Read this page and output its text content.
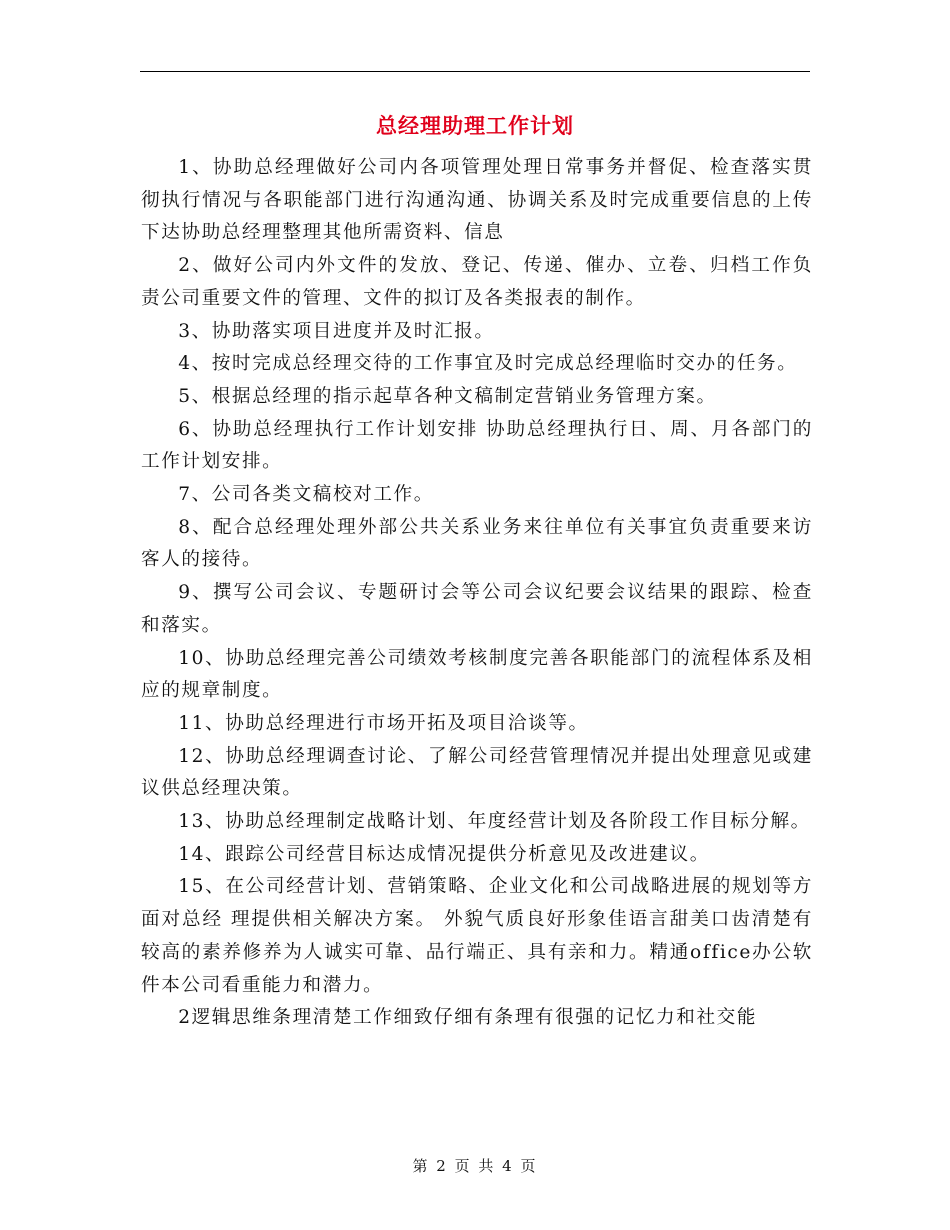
总经理助理工作计划

1、协助总经理做好公司内各项管理处理日常事务并督促、检查落实贯彻执行情况与各职能部门进行沟通沟通、协调关系及时完成重要信息的上传下达协助总经理整理其他所需资料、信息

2、做好公司内外文件的发放、登记、传递、催办、立卷、归档工作负责公司重要文件的管理、文件的拟订及各类报表的制作。

3、协助落实项目进度并及时汇报。

4、按时完成总经理交待的工作事宜及时完成总经理临时交办的任务。

5、根据总经理的指示起草各种文稿制定营销业务管理方案。

6、协助总经理执行工作计划安排 协助总经理执行日、周、月各部门的工作计划安排。

7、公司各类文稿校对工作。

8、配合总经理处理外部公共关系业务来往单位有关事宜负责重要来访客人的接待。

9、撰写公司会议、专题研讨会等公司会议纪要会议结果的跟踪、检查和落实。

10、协助总经理完善公司绩效考核制度完善各职能部门的流程体系及相应的规章制度。

11、协助总经理进行市场开拓及项目洽谈等。

12、协助总经理调查讨论、了解公司经营管理情况并提出处理意见或建议供总经理决策。

13、协助总经理制定战略计划、年度经营计划及各阶段工作目标分解。

14、跟踪公司经营目标达成情况提供分析意见及改进建议。

15、在公司经营计划、营销策略、企业文化和公司战略进展的规划等方面对总经 理提供相关解决方案。 外貌气质良好形象佳语言甜美口齿清楚有较高的素养修养为人诚实可靠、品行端正、具有亲和力。精通office办公软件本公司看重能力和潜力。

2逻辑思维条理清楚工作细致仔细有条理有很强的记忆力和社交能

第 2 页 共 4 页
